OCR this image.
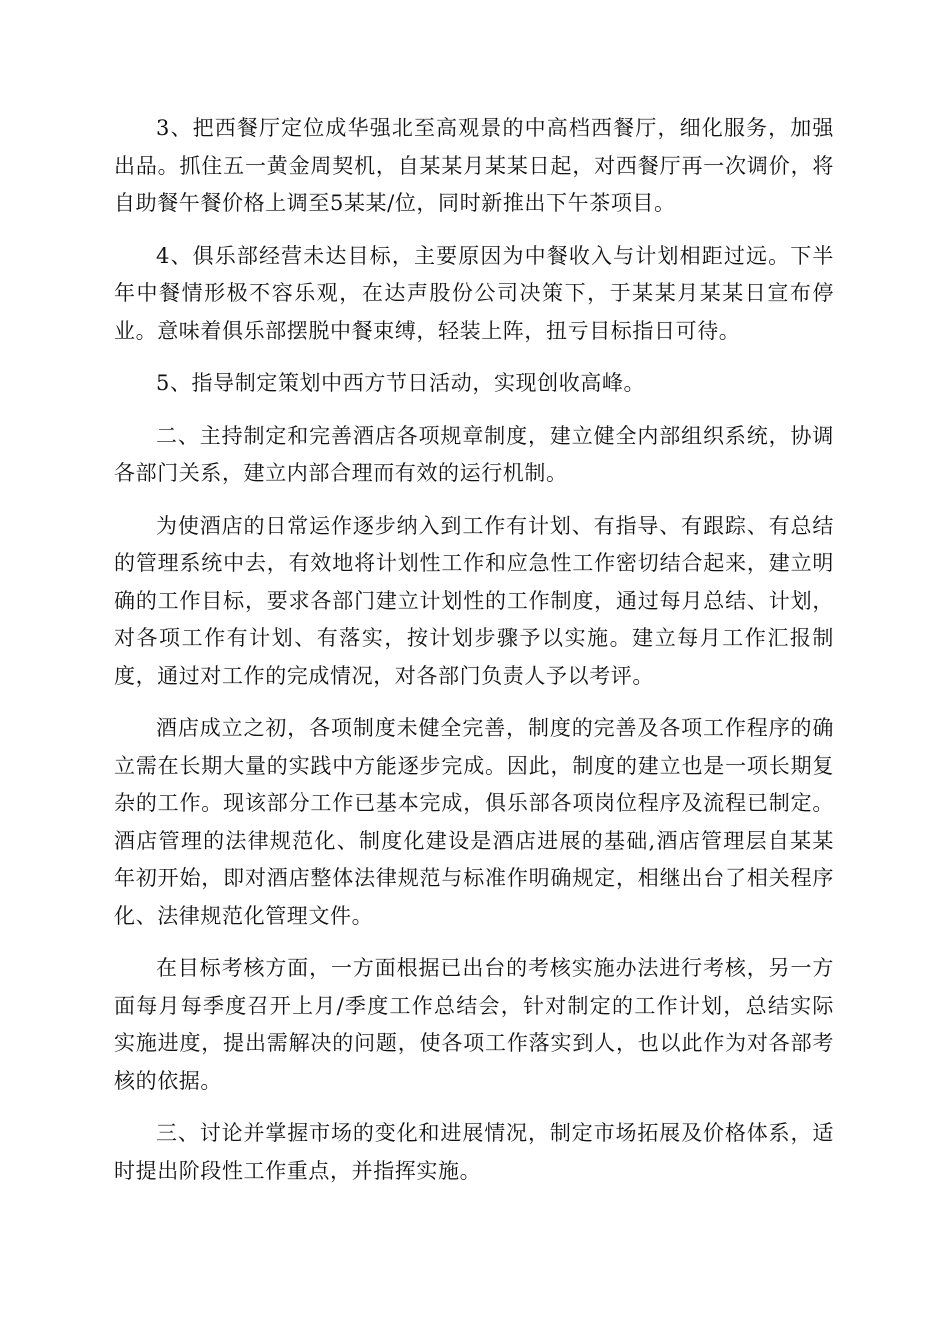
3、把西餐厅定位成华强北至高观景的中高档西餐厅，细化服务，加强出品。抓住五一黄金周契机，自某某月某某日起，对西餐厅再一次调价，将自助餐午餐价格上调至5某某/位，同时新推出下午茶项目。

4、俱乐部经营未达目标，主要原因为中餐收入与计划相距过远。下半年中餐情形极不容乐观，在达声股份公司决策下，于某某月某某日宣布停业。意味着俱乐部摆脱中餐束缚，轻装上阵，扭亏目标指日可待。

5、指导制定策划中西方节日活动，实现创收高峰。

二、主持制定和完善酒店各项规章制度，建立健全内部组织系统，协调各部门关系，建立内部合理而有效的运行机制。

为使酒店的日常运作逐步纳入到工作有计划、有指导、有跟踪、有总结的管理系统中去，有效地将计划性工作和应急性工作密切结合起来，建立明确的工作目标，要求各部门建立计划性的工作制度，通过每月总结、计划，对各项工作有计划、有落实，按计划步骤予以实施。建立每月工作汇报制度，通过对工作的完成情况，对各部门负责人予以考评。

酒店成立之初，各项制度未健全完善，制度的完善及各项工作程序的确立需在长期大量的实践中方能逐步完成。因此，制度的建立也是一项长期复杂的工作。现该部分工作已基本完成，俱乐部各项岗位程序及流程已制定。酒店管理的法律规范化、制度化建设是酒店进展的基础,酒店管理层自某某年初开始，即对酒店整体法律规范与标准作明确规定，相继出台了相关程序化、法律规范化管理文件。

在目标考核方面，一方面根据已出台的考核实施办法进行考核，另一方面每月每季度召开上月/季度工作总结会，针对制定的工作计划，总结实际实施进度，提出需解决的问题，使各项工作落实到人，也以此作为对各部考核的依据。

三、讨论并掌握市场的变化和进展情况，制定市场拓展及价格体系，适时提出阶段性工作重点，并指挥实施。
